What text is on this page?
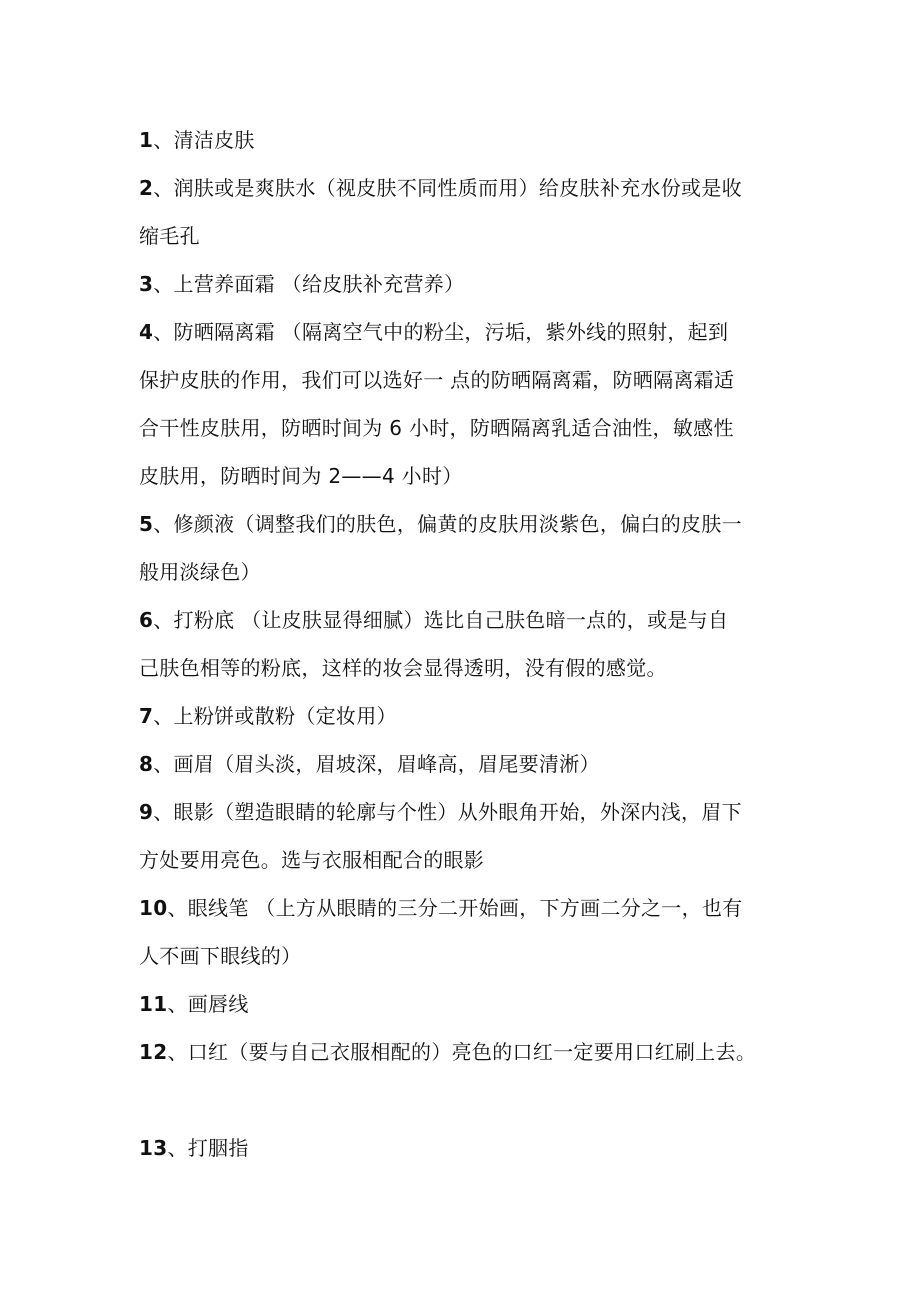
1、清洁皮肤
2、润肤或是爽肤水（视皮肤不同性质而用）给皮肤补充水份或是收
缩毛孔
3、上营养面霜 （给皮肤补充营养）
4、防晒隔离霜 （隔离空气中的粉尘，污垢，紫外线的照射，起到
保护皮肤的作用，我们可以选好一 点的防晒隔离霜，防晒隔离霜适
合干性皮肤用，防晒时间为 6 小时，防晒隔离乳适合油性，敏感性
皮肤用，防晒时间为 2——4 小时）
5、修颜液（调整我们的肤色，偏黄的皮肤用淡紫色，偏白的皮肤一
般用淡绿色）
6、打粉底 （让皮肤显得细腻）选比自己肤色暗一点的，或是与自
己肤色相等的粉底，这样的妆会显得透明，没有假的感觉。
7、上粉饼或散粉（定妆用）
8、画眉（眉头淡，眉坡深，眉峰高，眉尾要清淅）
9、眼影（塑造眼睛的轮廓与个性）从外眼角开始，外深内浅，眉下
方处要用亮色。选与衣服相配合的眼影
10、眼线笔 （上方从眼睛的三分二开始画，下方画二分之一，也有
人不画下眼线的）
11、画唇线
12、口红（要与自己衣服相配的）亮色的口红一定要用口红刷上去。
13、打胭指
